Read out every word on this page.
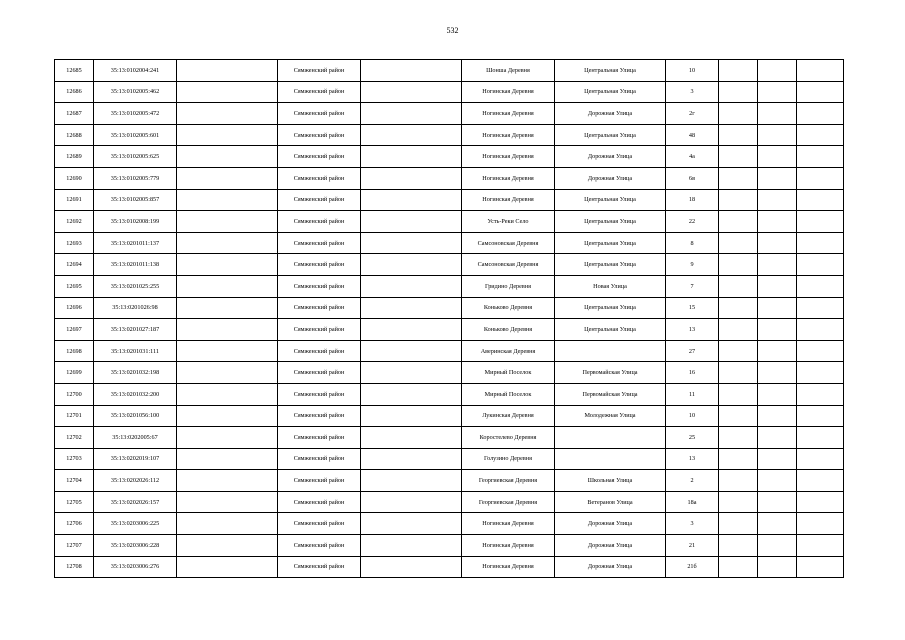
532
12685	35:13:0102004:241		Сямженский район		Шонша Деревня	Центральная Улица	10			
12686	35:13:0102005:462		Сямженский район		Ногинская Деревня	Центральная Улица	3			
12687	35:13:0102005:472		Сямженский район		Ногинская Деревня	Дорожная Улица	2г			
12688	35:13:0102005:601		Сямженский район		Ногинская Деревня	Центральная Улица	48			
12689	35:13:0102005:625		Сямженский район		Ногинская Деревня	Дорожная Улица	4а			
12690	35:13:0102005:779		Сямженский район		Ногинская Деревня	Дорожная Улица	6в			
12691	35:13:0102005:857		Сямженский район		Ногинская Деревня	Центральная Улица	18			
12692	35:13:0102008:199		Сямженский район		Усть-Реки Село	Центральная Улица	22			
12693	35:13:0201011:137		Сямженский район		Самсоновская Деревня	Центральная Улица	8			
12694	35:13:0201011:138		Сямженский район		Самсоновская Деревня	Центральная Улица	9			
12695	35:13:0201025:255		Сямженский район		Гридино Деревня	Новая Улица	7			
12696	35:13:0201026:98		Сямженский район		Коньково Деревня	Центральная Улица	15			
12697	35:13:0201027:187		Сямженский район		Коньково Деревня	Центральная Улица	13			
12698	35:13:0201031:111		Сямженский район		Аверинская Деревня		27			
12699	35:13:0201032:198		Сямженский район		Мирный Поселок	Первомайская Улица	16			
12700	35:13:0201032:200		Сямженский район		Мирный Поселок	Первомайская Улица	11			
12701	35:13:0201056:100		Сямженский район		Лукинская Деревня	Молодежная Улица	10			
12702	35:13:0202005:67		Сямженский район		Коростелево Деревня		25			
12703	35:13:0202019:107		Сямженский район		Голузино Деревня		13			
12704	35:13:0202026:112		Сямженский район		Георгиевская Деревня	Школьная Улица	2			
12705	35:13:0202026:157		Сямженский район		Георгиевская Деревня	Ветеранов Улица	18а			
12706	35:13:0203006:225		Сямженский район		Ногинская Деревня	Дорожная Улица	3			
12707	35:13:0203006:228		Сямженский район		Ногинская Деревня	Дорожная Улица	21			
12708	35:13:0203006:276		Сямженский район		Ногинская Деревня	Дорожная Улица	21б			
